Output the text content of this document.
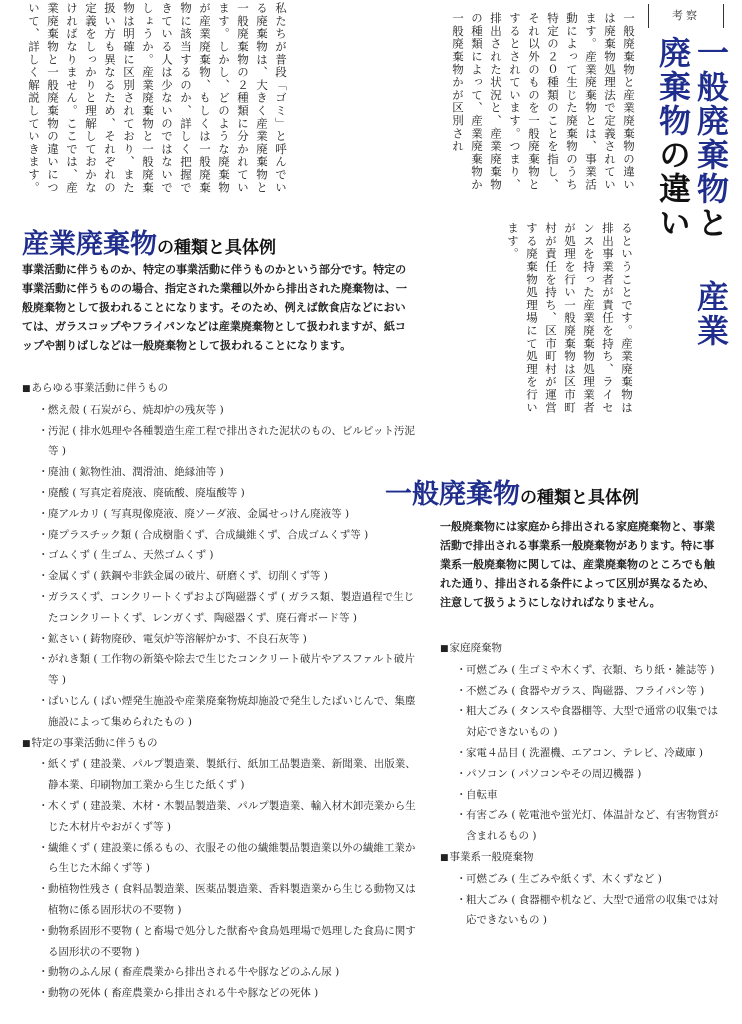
私たちが普段「ゴミ」と呼んでいる廃棄物は、大きく産業廃棄物と一般廃棄物の２種類に分かれています。しかし、どのような廃棄物が産業廃棄物、もしくは一般廃棄物に該当するのか、詳しく把握できている人は少ないのではないでしょうか。産業廃棄物と一般廃棄物は明確に区別されており、また扱い方も異なるため、それぞれの定義をしっかりと理解しておかなければなりません。ここでは、産業廃棄物と一般廃棄物の違いについて、詳しく解説していきます。	一般廃棄物と産業廃棄物の違いは廃棄物処理法で定義されています。産業廃棄物とは、事業活動によって生じた廃棄物のうち特定の２０種類のことを指し、それ以外のものを一般廃棄物とするとされています。つまり、排出された状況と、産業廃棄物の種類によって、産業廃棄物か一般廃棄物かが区別され
るということです。産業廃棄物は排出事業者が責任を持ち、ライセンスを持った産業廃棄物処理業者が処理を行い一般廃棄物は区市町村が責任を持ち、区市町村が運営する廃棄物処理場にて処理を行います。
考察
一般廃棄物と 産業廃棄物の違い
産業廃棄物の種類と具体例
事業活動に伴うものか、特定の事業活動に伴うものかという部分です。特定の事業活動に伴うものの場合、指定された業種以外から排出された廃棄物は、一般廃棄物として扱われることになります。そのため、例えば飲食店などにおいては、ガラスコップやフライパンなどは産業廃棄物として扱われますが、紙コップや割りばしなどは一般廃棄物として扱われることになります。
■あらゆる事業活動に伴うもの
・燃え殻 ( 石炭がら、焼却炉の残灰等 )
・汚泥 ( 排水処理や各種製造生産工程で排出された泥状のもの、ビルピット汚泥等 )
・廃油 ( 鉱物性油、潤滑油、絶縁油等 )
・廃酸 ( 写真定着廃液、廃硫酸、廃塩酸等 )
・廃アルカリ ( 写真現像廃液、廃ソーダ液、金属せっけん廃液等 )
・廃プラスチック類 ( 合成樹脂くず、合成繊維くず、合成ゴムくず等 )
・ゴムくず ( 生ゴム、天然ゴムくず )
・金属くず ( 鉄鋼や非鉄金属の破片、研磨くず、切削くず等 )
・ガラスくず、コンクリートくずおよび陶磁器くず ( ガラス類、製造過程で生じたコンクリートくず、レンガくず、陶磁器くず、廃石膏ボード等 )
・鉱さい ( 鋳物廃砂、電気炉等溶解炉かす、不良石灰等 )
・がれき類 ( 工作物の新築や除去で生じたコンクリート破片やアスファルト破片等 )
・ばいじん ( ばい煙発生施設や産業廃棄物焼却施設で発生したばいじんで、集塵施設によって集められたもの )
■特定の事業活動に伴うもの
・紙くず ( 建設業、パルプ製造業、製紙行、紙加工品製造業、新聞業、出版業、静本業、印刷物加工業から生じた紙くず )
・木くず ( 建設業、木材・木製品製造業、パルプ製造業、輸入材木卸売業から生じた木材片やおがくず等 )
・繊維くず ( 建設業に係るもの、衣服その他の繊維製品製造業以外の繊維工業から生じた木綿くず等 )
・動植物性残さ ( 食料品製造業、医薬品製造業、香料製造業から生じる動物又は植物に係る固形状の不要物 )
・動物系固形不要物 ( と畜場で処分した獣畜や食鳥処理場で処理した食鳥に関する固形状の不要物 )
・動物のふん尿 ( 畜産農業から排出される牛や豚などのふん尿 )
・動物の死体 ( 畜産農業から排出される牛や豚などの死体 )
一般廃棄物の種類と具体例
一般廃棄物には家庭から排出される家庭廃棄物と、事業活動で排出される事業系一般廃棄物があります。特に事業系一般廃棄物に関しては、産業廃棄物のところでも触れた通り、排出される条件によって区別が異なるため、注意して扱うようにしなければなりません。
■家庭廃棄物
・可燃ごみ ( 生ゴミや木くず、衣類、ちり紙・雑誌等 )
・不燃ごみ ( 食器やガラス、陶磁器、フライパン等 )
・粗大ごみ ( タンスや食器棚等、大型で通常の収集では対応できないもの )
・家電４品目 ( 洗濯機、エアコン、テレビ、冷蔵庫 )
・パソコン ( パソコンやその周辺機器 )
・自転車
・有害ごみ ( 乾電池や蛍光灯、体温計など、有害物質が含まれるもの )
■事業系一般廃棄物
・可燃ごみ ( 生ごみや紙くず、木くずなど )
・粗大ごみ ( 食器棚や机など、大型で通常の収集では対応できないもの )
